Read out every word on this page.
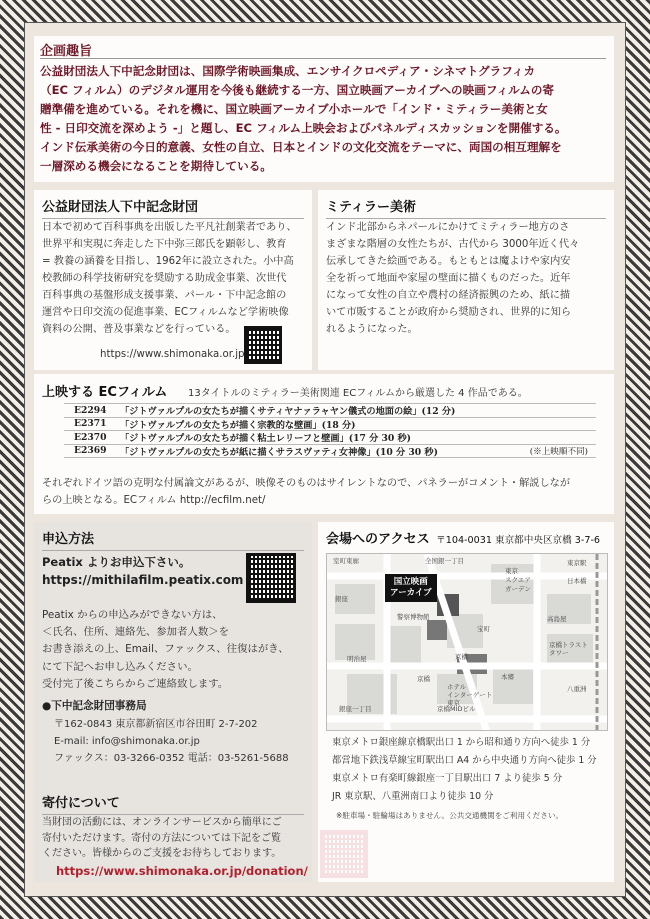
企画趣旨
公益財団法人下中記念財団は、国際学術映画集成、エンサイクロペディア・シネマトグラフィカ
（EC フィルム）のデジタル運用を今後も継続する一方、国立映画アーカイブへの映画フィルムの寄
贈準備を進めている。それを機に、国立映画アーカイブ小ホールで「インド・ミティラー美術と女
性 - 日印交流を深めよう -」と題し、EC フィルム上映会およびパネルディスカッションを開催する。
インド伝承美術の今日的意義、女性の自立、日本とインドの文化交流をテーマに、両国の相互理解を
一層深める機会になることを期待している。
公益財団法人下中記念財団
日本で初めて百科事典を出版した平凡社創業者であり、
世界平和実現に奔走した下中弥三郎氏を顕彰し、教育
= 教養の涵養を目指し、1962年に設立された。小中高
校教師の科学技術研究を奨励する助成金事業、次世代
百科事典の基盤形成支援事業、パール・下中記念館の
運営や日印交流の促進事業、ECフィルムなど学術映像
資料の公開、普及事業などを行っている。
https://www.shimonaka.or.jp
ミティラー美術
インド北部からネパールにかけてミティラー地方のさ
まざまな階層の女性たちが、古代から 3000年近く代々
伝承してきた絵画である。もともとは魔よけや家内安
全を祈って地面や家屋の壁面に描くものだった。近年
になって女性の自立や農村の経済振興のため、紙に描
いて市販することが政府から奨励され、世界的に知ら
れるようになった。
上映する ECフィルム 13タイトルのミティラー美術関連 ECフィルムから厳選した 4 作品である。
E2294	「ジトヴァルプルの女たちが描くサティヤナァラャヤン儀式の地面の絵」(12 分)
E2371	「ジトヴァルプルの女たちが描く宗教的な壁画」(18 分)
E2370	「ジトヴァルプルの女たちが描く粘土レリーフと壁画」(17 分 30 秒)
E2369	「ジトヴァルプルの女たちが紙に描くサラスヴァティ女神像」(10 分 30 秒)	(※上映順不同)
それぞれドイツ語の克明な付属論文があるが、映像そのものはサイレントなので、パネラーがコメント・解説しなが
らの上映となる。ECフィルム http://ecfilm.net/
申込方法
Peatix よりお申込下さい。
https://mithilafilm.peatix.com
Peatix からの申込みができない方は、
＜氏名、住所、連絡先、参加者人数＞を
お書き添えの上、Email、ファックス、往復はがき、
にて下記へお申し込みください。
受付完了後こちらからご連絡致します。
●下中記念財団事務局
〒162-0843 東京都新宿区市谷田町 2-7-202
E-mail: info@shimonaka.or.jp
ファックス：03-3266-0352 電話：03-5261-5688
寄付について
当財団の活動には、オンラインサービスから簡単にご
寄付いただけます。寄付の方法については下記をご覧
ください。皆様からのご支援をお待ちしております。
https://www.shimonaka.or.jp/donation/
会場へのアクセス 〒104-0031 東京都中央区京橋 3-7-6
国立映画
アーカイブ
室町東廊	全国銀一丁目
東京
スクエア
ガーデン
京橋
京橋
宝町
東京駅
八重洲
銀座一丁目	京橋MIDビル
警察博物館
京橋トラスト
タワー
明治屋
高島屋
ホテル
インターゲート
東京
銀座
本郷
日本橋
東京メトロ銀座線京橋駅出口 1 から昭和通り方向へ徒歩 1 分
都営地下鉄浅草線宝町駅出口 A4 から中央通り方向へ徒歩 1 分
東京メトロ有楽町線銀座一丁目駅出口 7 より徒歩 5 分
JR 東京駅、八重洲南口より徒歩 10 分
※駐車場・駐輪場はありません。公共交通機関をご利用ください。
